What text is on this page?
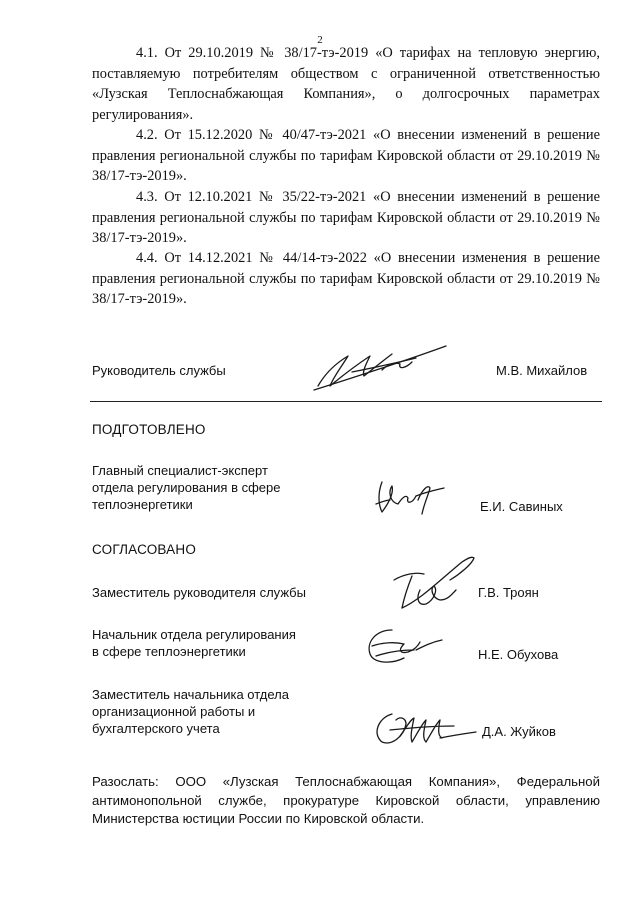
2

4.1. От 29.10.2019 № 38/17-тэ-2019 «О тарифах на тепловую энергию, поставляемую потребителям обществом с ограниченной ответственностью «Лузская Теплоснабжающая Компания», о долгосрочных параметрах регулирования».

4.2. От 15.12.2020 № 40/47-тэ-2021 «О внесении изменений в решение правления региональной службы по тарифам Кировской области от 29.10.2019 № 38/17-тэ-2019».

4.3. От 12.10.2021 № 35/22-тэ-2021 «О внесении изменений в решение правления региональной службы по тарифам Кировской области от 29.10.2019 № 38/17-тэ-2019».

4.4. От 14.12.2021 № 44/14-тэ-2022 «О внесении изменения в решение правления региональной службы по тарифам Кировской области от 29.10.2019 № 38/17-тэ-2019».

Руководитель службы	М.В. Михайлов

ПОДГОТОВЛЕНО

Главный специалист-эксперт
отдела регулирования в сфере
теплоэнергетики	Е.И. Савиных

СОГЛАСОВАНО

Заместитель руководителя службы	Г.В. Троян

Начальник отдела регулирования
в сфере теплоэнергетики	Н.Е. Обухова

Заместитель начальника отдела
организационной работы и
бухгалтерского учета	Д.А. Жуйков

Разослать: ООО «Лузская Теплоснабжающая Компания», Федеральной антимонопольной службе, прокуратуре Кировской области, управлению Министерства юстиции России по Кировской области.
